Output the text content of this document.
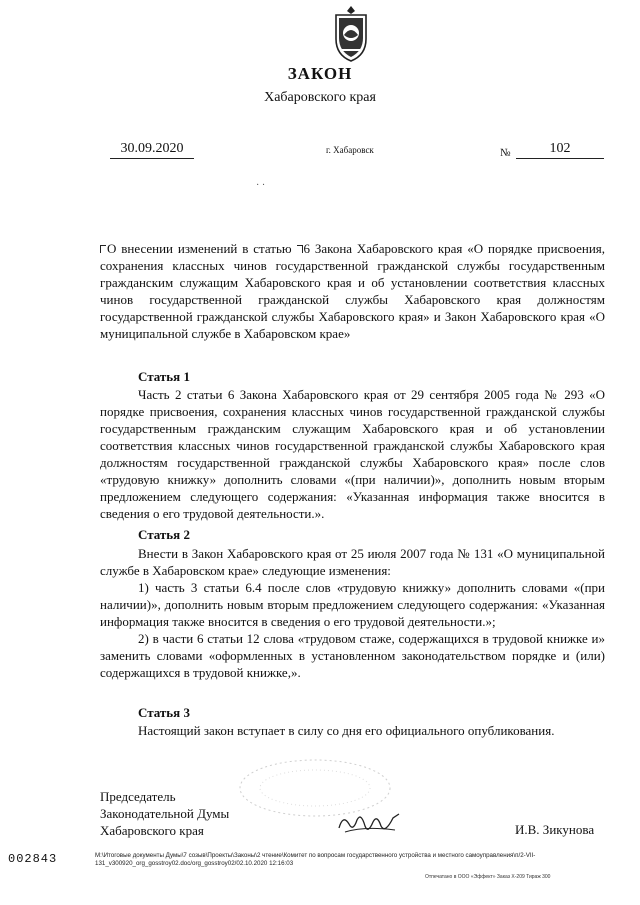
ЗАКОН
Хабаровского края
30.09.2020	г. Хабаровск	№	102
· ·
О внесении изменений в статью 6 Закона Хабаровского края «О порядке присвоения, сохранения классных чинов государственной гражданской службы государственным гражданским служащим Хабаровского края и об установлении соответствия классных чинов государственной гражданской службы Хабаровского края должностям государственной гражданской службы Хабаровского края» и Закон Хабаровского края «О муниципальной службе в Хабаровском крае»
Статья 1
Часть 2 статьи 6 Закона Хабаровского края от 29 сентября 2005 года № 293 «О порядке присвоения, сохранения классных чинов государственной гражданской службы государственным гражданским служащим Хабаровского края и об установлении соответствия классных чинов государственной гражданской службы Хабаровского края должностям государственной гражданской службы Хабаровского края» после слов «трудовую книжку» дополнить словами «(при наличии)», дополнить новым вторым предложением следующего содержания: «Указанная информация также вносится в сведения о его трудовой деятельности.».
Статья 2

Внести в Закон Хабаровского края от 25 июля 2007 года № 131 «О муниципальной службе в Хабаровском крае» следующие изменения:

1) часть 3 статьи 6.4 после слов «трудовую книжку» дополнить словами «(при наличии)», дополнить новым вторым предложением следующего содержания: «Указанная информация также вносится в сведения о его трудовой деятельности.»;

2) в части 6 статьи 12 слова «трудовом стаже, содержащихся в трудовой книжке и» заменить словами «оформленных в установленном законодательством порядке и (или) содержащихся в трудовой книжке,».

Статья 3
Настоящий закон вступает в силу со дня его официального опубликования.
Председатель
Законодательной Думы
Хабаровского края	И.В. Зикунова
002843	M:\Итоговые документы Думы\7 созыв\Проекты\Законы\2 чтение\Комитет по вопросам государственного устройства и местного самоуправления\п/2-VII-
131_v300920_org_gosstroy02.doc/org_gosstroy02/02.10.2020 12:16:03
Отпечатано в ООО «Эффект» Заказ X-209 Тираж 300
